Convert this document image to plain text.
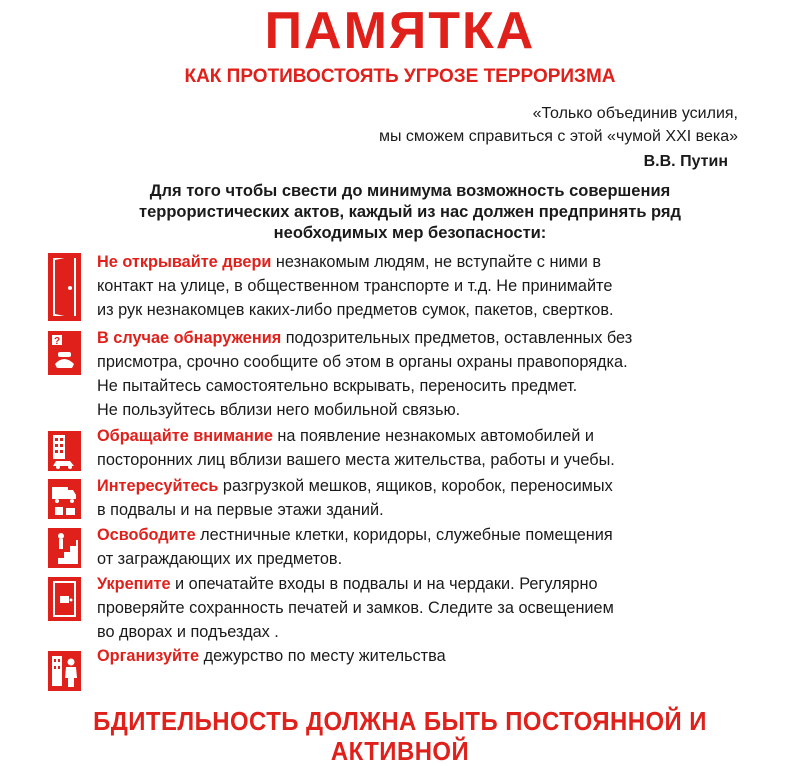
ПАМЯТКА
КАК ПРОТИВОСТОЯТЬ УГРОЗЕ ТЕРРОРИЗМА
«Только объединив усилия,
мы сможем справиться с этой «чумой XXI века»
В.В. Путин
Для того чтобы свести до минимума возможность совершения
террористических актов, каждый из нас должен предпринять ряд
необходимых мер безопасности:
Не открывайте двери незнакомым людям, не вступайте с ними в
контакт на улице, в общественном транспорте и т.д. Не принимайте
из рук незнакомцев каких-либо предметов сумок, пакетов, свертков.
? В случае обнаружения подозрительных предметов, оставленных без
присмотра, срочно сообщите об этом в органы охраны правопорядка.
Не пытайтесь самостоятельно вскрывать, переносить предмет.
Не пользуйтесь вблизи него мобильной связью.
Обращайте внимание на появление незнакомых автомобилей и
посторонних лиц вблизи вашего места жительства, работы и учебы.
Интересуйтесь разгрузкой мешков, ящиков, коробок, переносимых
в подвалы и на первые этажи зданий.
Освободите лестничные клетки, коридоры, служебные помещения
от заграждающих их предметов.
Укрепите и опечатайте входы в подвалы и на чердаки. Регулярно
проверяйте сохранность печатей и замков. Следите за освещением
во дворах и подъездах .
Организуйте дежурство по месту жительства
БДИТЕЛЬНОСТЬ ДОЛЖНА БЫТЬ ПОСТОЯННОЙ И АКТИВНОЙ
